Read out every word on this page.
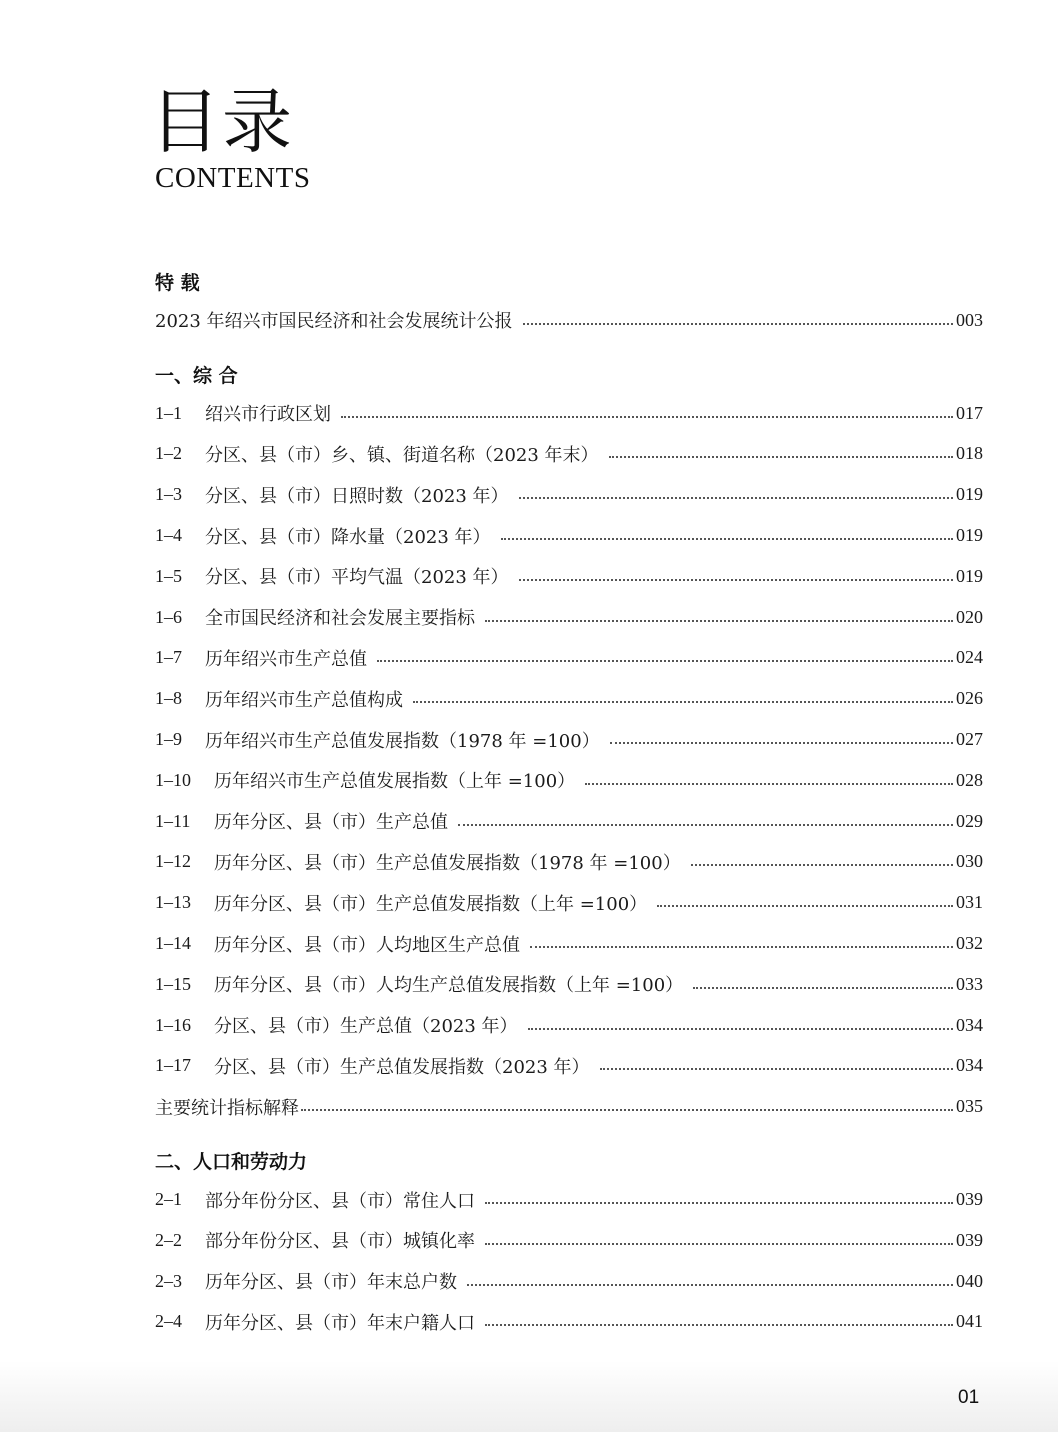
目录
CONTENTS
特 载
2023 年绍兴市国民经济和社会发展统计公报	003
一、综 合
1–1	绍兴市行政区划	017
1–2	分区、县（市）乡、镇、街道名称（2023 年末）	018
1–3	分区、县（市）日照时数（2023 年）	019
1–4	分区、县（市）降水量（2023 年）	019
1–5	分区、县（市）平均气温（2023 年）	019
1–6	全市国民经济和社会发展主要指标	020
1–7	历年绍兴市生产总值	024
1–8	历年绍兴市生产总值构成	026
1–9	历年绍兴市生产总值发展指数（1978 年 =100）	027
1–10	历年绍兴市生产总值发展指数（上年 =100）	028
1–11	历年分区、县（市）生产总值	029
1–12	历年分区、县（市）生产总值发展指数（1978 年 =100）	030
1–13	历年分区、县（市）生产总值发展指数（上年 =100）	031
1–14	历年分区、县（市）人均地区生产总值	032
1–15	历年分区、县（市）人均生产总值发展指数（上年 =100）	033
1–16	分区、县（市）生产总值（2023 年）	034
1–17	分区、县（市）生产总值发展指数（2023 年）	034
主要统计指标解释	035
二、人口和劳动力
2–1	部分年份分区、县（市）常住人口	039
2–2	部分年份分区、县（市）城镇化率	039
2–3	历年分区、县（市）年末总户数	040
2–4	历年分区、县（市）年末户籍人口	041
01
